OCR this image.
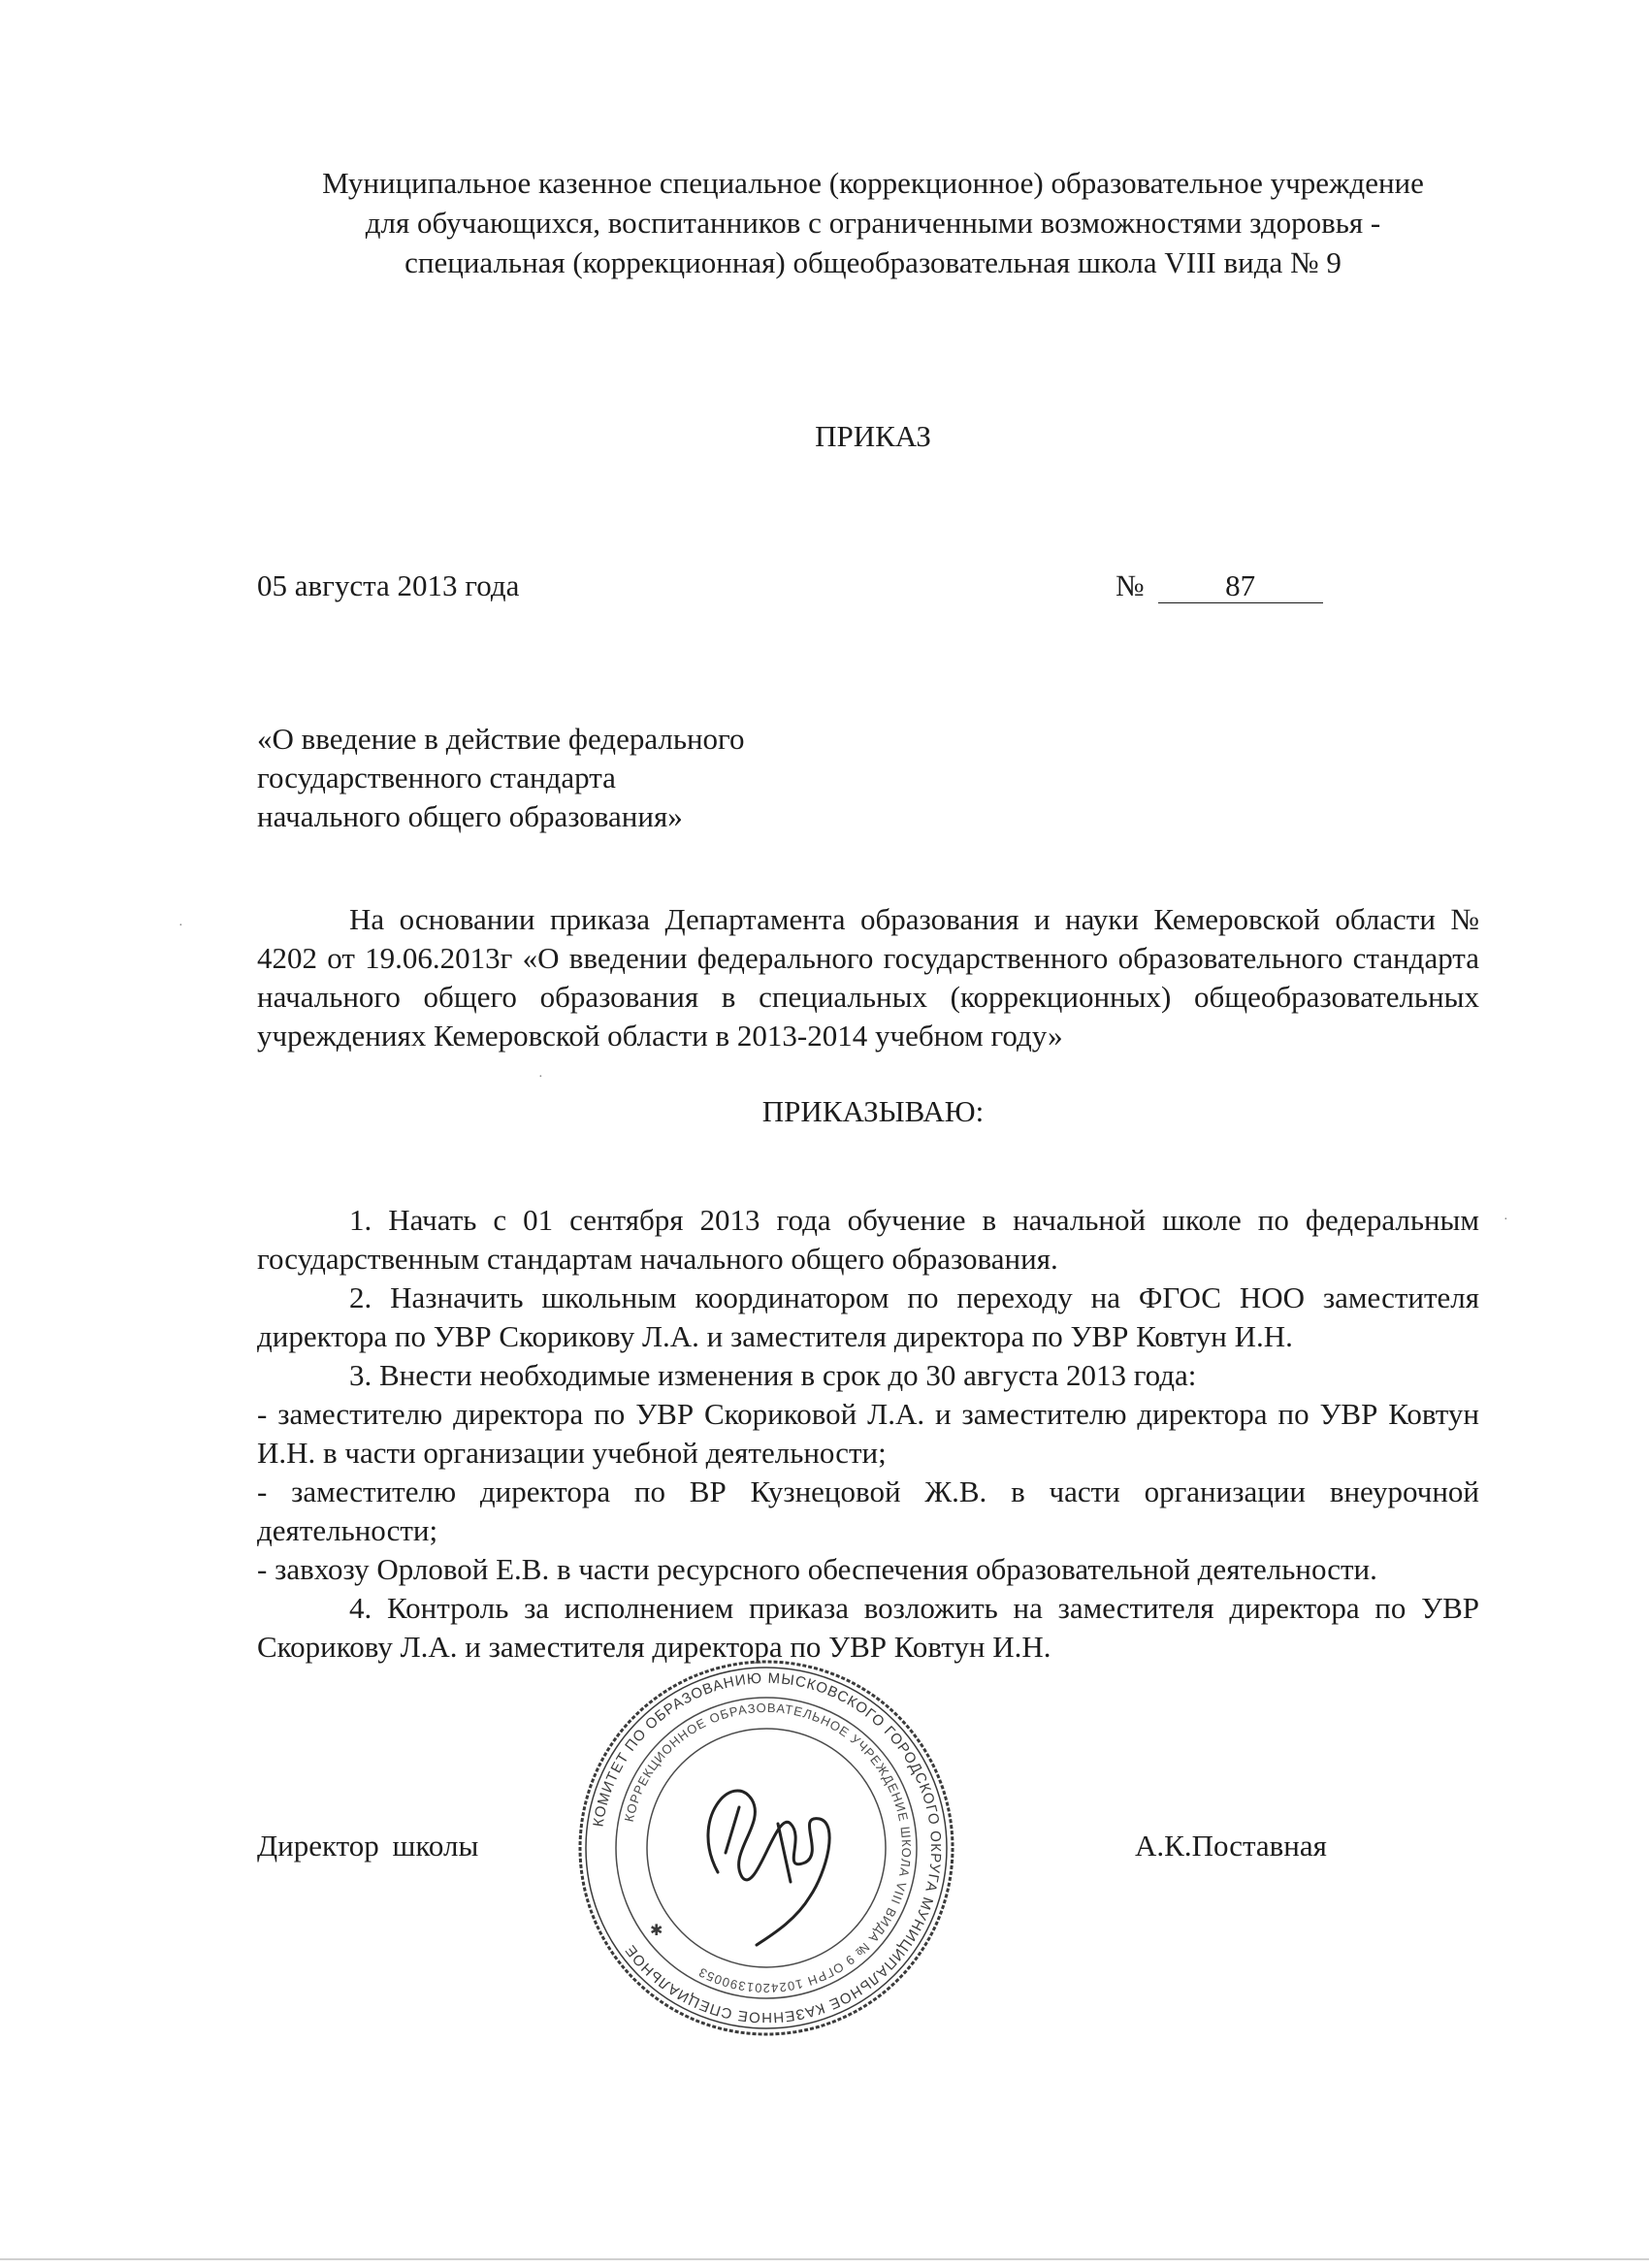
Муниципальное казенное специальное (коррекционное) образовательное учреждение
для обучающихся, воспитанников с ограниченными возможностями здоровья -
специальная (коррекционная) общеобразовательная школа VIII вида № 9
ПРИКАЗ
05 августа 2013 года	№	87
«О введение в действие федерального
государственного стандарта
начального общего образования»

На основании приказа Департамента образования и науки Кемеровской области № 4202 от 19.06.2013г «О введении федерального государственного образовательного стандарта начального общего образования в специальных (коррекционных) общеобразовательных учреждениях Кемеровской области в 2013-2014 учебном году»

ПРИКАЗЫВАЮ:

1. Начать с 01 сентября 2013 года обучение в начальной школе по федеральным государственным стандартам начального общего образования.

2. Назначить школьным координатором по переходу на ФГОС НОО заместителя директора по УВР Скорикову Л.А. и заместителя директора по УВР Ковтун И.Н.

3. Внести необходимые изменения в срок до 30 августа 2013 года:

- заместителю директора по УВР Скориковой Л.А. и заместителю директора по УВР Ковтун И.Н. в части организации учебной деятельности;

- заместителю директора по ВР Кузнецовой Ж.В. в части организации внеурочной деятельности;

- завхозу Орловой Е.В. в части ресурсного обеспечения образовательной деятельности.

4. Контроль за исполнением приказа возложить на заместителя директора по УВР Скорикову Л.А. и заместителя директора по УВР Ковтун И.Н.

Директор школы	А.К.Поставная
КОМИТЕТ ПО ОБРАЗОВАНИЮ МЫСКОВСКОГО ГОРОДСКОГО ОКРУГА МУНИЦИПАЛЬНОЕ КАЗЕННОЕ СПЕЦИАЛЬНОЕ
КОРРЕКЦИОННОЕ ОБРАЗОВАТЕЛЬНОЕ УЧРЕЖДЕНИЕ ШКОЛА VIII ВИДА № 9 ОГРН 1024201390053
✱
·
·
·
